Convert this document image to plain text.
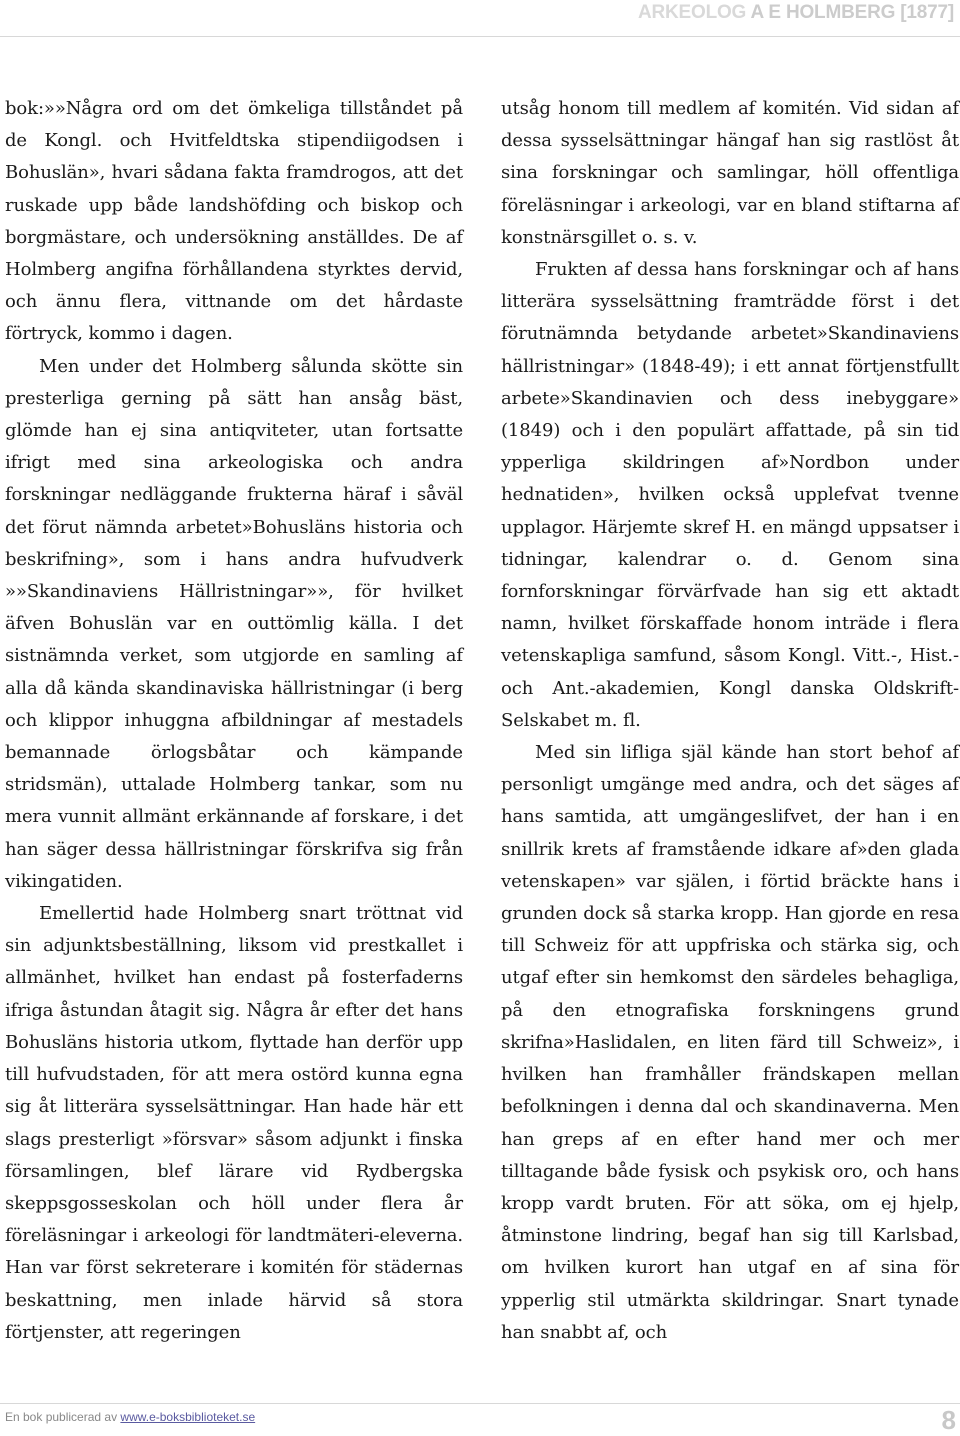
ARKEOLOG A E HOLMBERG [1877]

bok:»»Några ord om det ömkeliga tillståndet på de Kongl. och Hvitfeldtska stipendiigodsen i Bohuslän», hvari sådana fakta framdrogos, att det ruskade upp både landshöfding och biskop och borgmästare, och undersökning anställdes. De af Holmberg angifna förhållandena styrktes dervid, och ännu flera, vittnande om det hårdaste förtryck, kommo i dagen.

Men under det Holmberg sålunda skötte sin presterliga gerning på sätt han ansåg bäst, glömde han ej sina antiqviteter, utan fortsatte ifrigt med sina arkeologiska och andra forskningar nedläggande frukterna häraf i såväl det förut nämnda arbetet»Bohusläns historia och beskrifning», som i hans andra hufvudverk »»Skandinaviens Hällristningar»», för hvilket äfven Bohuslän var en outtömlig källa. I det sistnämnda verket, som utgjorde en samling af alla då kända skandinaviska hällristningar (i berg och klippor inhuggna afbildningar af mestadels bemannade örlogsbåtar och kämpande stridsmän), uttalade Holmberg tankar, som nu mera vunnit allmänt erkännande af forskare, i det han säger dessa hällristningar förskrifva sig från vikingatiden.

Emellertid hade Holmberg snart tröttnat vid sin adjunktsbeställning, liksom vid prestkallet i allmänhet, hvilket han endast på fosterfaderns ifriga åstundan åtagit sig. Några år efter det hans Bohusläns historia utkom, flyttade han derför upp till hufvudstaden, för att mera ostörd kunna egna sig åt litterära sysselsättningar. Han hade här ett slags presterligt »försvar» såsom adjunkt i finska församlingen, blef lärare vid Rydbergska skeppsgosseskolan och höll under flera år föreläsningar i arkeologi för landtmäteri-eleverna. Han var först sekreterare i komitén för städernas beskattning, men inlade härvid så stora förtjenster, att regeringen

utsåg honom till medlem af komitén. Vid sidan af dessa sysselsättningar hängaf han sig rastlöst åt sina forskningar och samlingar, höll offentliga föreläsningar i arkeologi, var en bland stiftarna af konstnärsgillet o. s. v.

Frukten af dessa hans forskningar och af hans litterära sysselsättning framträdde först i det förutnämnda betydande arbetet»Skandinaviens hällristningar» (1848-49); i ett annat förtjenstfullt arbete»Skandinavien och dess inebyggare» (1849) och i den populärt affattade, på sin tid ypperliga skildringen af»Nordbon under hednatiden», hvilken också upplefvat tvenne upplagor. Härjemte skref H. en mängd uppsatser i tidningar, kalendrar o. d. Genom sina fornforskningar förvärfvade han sig ett aktadt namn, hvilket förskaffade honom inträde i flera vetenskapliga samfund, såsom Kongl. Vitt.-, Hist.- och Ant.-akademien, Kongl danska Oldskrift-Selskabet m. fl.

Med sin lifliga själ kände han stort behof af personligt umgänge med andra, och det säges af hans samtida, att umgängeslifvet, der han i en snillrik krets af framstående idkare af»den glada vetenskapen» var själen, i förtid bräckte hans i grunden dock så starka kropp. Han gjorde en resa till Schweiz för att uppfriska och stärka sig, och utgaf efter sin hemkomst den särdeles behagliga, på den etnografiska forskningens grund skrifna»Haslidalen, en liten färd till Schweiz», i hvilken han framhåller frändskapen mellan befolkningen i denna dal och skandinaverna. Men han greps af en efter hand mer och mer tilltagande både fysisk och psykisk oro, och hans kropp vardt bruten. För att söka, om ej hjelp, åtminstone lindring, begaf han sig till Karlsbad, om hvilken kurort han utgaf en af sina för ypperlig stil utmärkta skildringar. Snart tynade han snabbt af, och

En bok publicerad av www.e-boksbiblioteket.se	8
